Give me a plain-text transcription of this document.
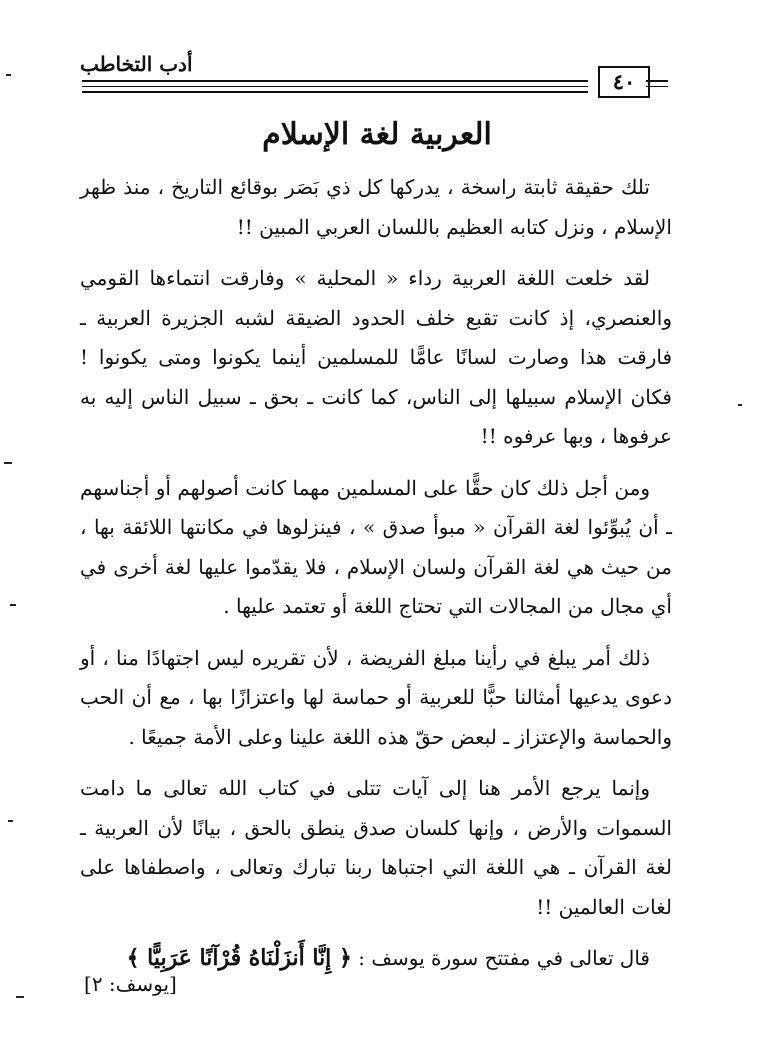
أدب التخاطب
٤٠
العربية لغة الإسلام

تلك حقيقة ثابتة راسخة ، يدركها كل ذي بَصَر بوقائع التاريخ ، منذ ظهر الإسلام ، ونزل كتابه العظيم باللسان العربي المبين !!

لقد خلعت اللغة العربية رداء « المحلية » وفارقت انتماءها القومي والعنصري، إذ كانت تقبع خلف الحدود الضيقة لشبه الجزيرة العربية ـ فارقت هذا وصارت لسانًا عامًّا للمسلمين أينما يكونوا ومتى يكونوا ! فكان الإسلام سبيلها إلى الناس، كما كانت ـ بحق ـ سبيل الناس إليه به عرفوها ، وبها عرفوه !!

ومن أجل ذلك كان حقًّا على المسلمين مهما كانت أصولهم أو أجناسهم ـ أن يُبوِّئوا لغة القرآن « مبوأ صدق » ، فينزلوها في مكانتها اللائقة بها ، من حيث هي لغة القرآن ولسان الإسلام ، فلا يقدّموا عليها لغة أخرى في أي مجال من المجالات التي تحتاج اللغة أو تعتمد عليها .

ذلك أمر يبلغ في رأينا مبلغ الفريضة ، لأن تقريره ليس اجتهادًا منا ، أو دعوى يدعيها أمثالنا حبًّا للعربية أو حماسة لها واعتزازًا بها ، مع أن الحب والحماسة والإعتزاز ـ لبعض حقّ هذه اللغة علينا وعلى الأمة جميعًا .

وإنما يرجع الأمر هنا إلى آيات تتلى في كتاب الله تعالى ما دامت السموات والأرض ، وإنها كلسان صدق ينطق بالحق ، بيانًا لأن العربية ـ لغة القرآن ـ هي اللغة التي اجتباها ربنا تبارك وتعالى ، واصطفاها على لغات العالمين !!

قال تعالى في مفتتح سورة يوسف : ﴿ إِنَّا أَنزَلْنَاهُ قُرْآنًا عَرَبِيًّا ﴾

[يوسف: ٢]
